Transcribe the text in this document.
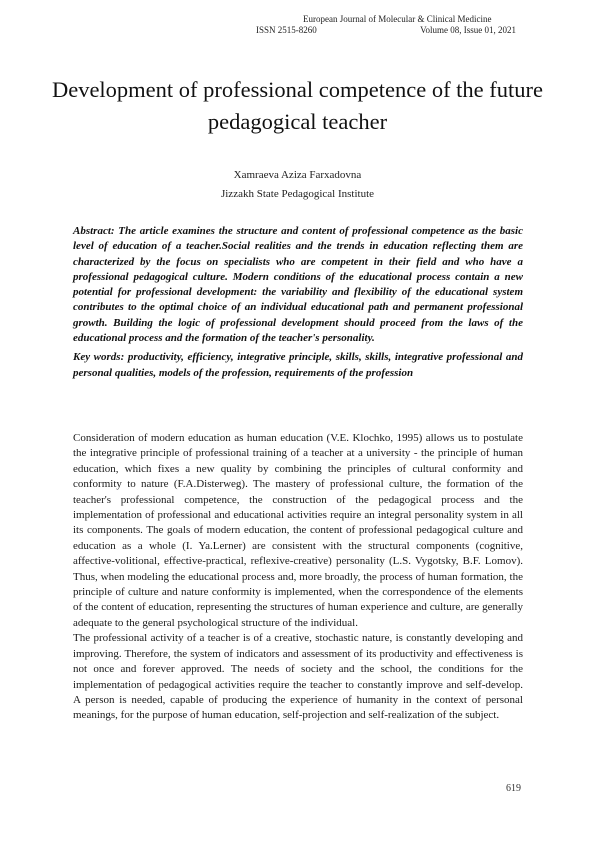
European Journal of Molecular & Clinical Medicine
ISSN 2515-8260	Volume 08, Issue 01, 2021
Development of professional competence of the future pedagogical teacher
Xamraeva Aziza Farxadovna
Jizzakh State Pedagogical Institute

Abstract: The article examines the structure and content of professional competence as the basic level of education of a teacher.Social realities and the trends in education reflecting them are characterized by the focus on specialists who are competent in their field and who have a professional pedagogical culture. Modern conditions of the educational process contain a new potential for professional development: the variability and flexibility of the educational system contributes to the optimal choice of an individual educational path and permanent professional growth. Building the logic of professional development should proceed from the laws of the educational process and the formation of the teacher's personality.

Key words: productivity, efficiency, integrative principle, skills, skills, integrative professional and personal qualities, models of the profession, requirements of the profession

Consideration of modern education as human education (V.E. Klochko, 1995) allows us to postulate the integrative principle of professional training of a teacher at a university - the principle of human education, which fixes a new quality by combining the principles of cultural conformity and conformity to nature (F.A.Disterweg). The mastery of professional culture, the formation of the teacher's professional competence, the construction of the pedagogical process and the implementation of professional and educational activities require an integral personality system in all its components. The goals of modern education, the content of professional pedagogical culture and education as a whole (I. Ya.Lerner) are consistent with the structural components (cognitive, affective-volitional, effective-practical, reflexive-creative) personality (L.S. Vygotsky, B.F. Lomov). Thus, when modeling the educational process and, more broadly, the process of human formation, the principle of culture and nature conformity is implemented, when the correspondence of the elements of the content of education, representing the structures of human experience and culture, are generally adequate to the general psychological structure of the individual.

The professional activity of a teacher is of a creative, stochastic nature, is constantly developing and improving. Therefore, the system of indicators and assessment of its productivity and effectiveness is not once and forever approved. The needs of society and the school, the conditions for the implementation of pedagogical activities require the teacher to constantly improve and self-develop. A person is needed, capable of producing the experience of humanity in the context of personal meanings, for the purpose of human education, self-projection and self-realization of the subject.

619
